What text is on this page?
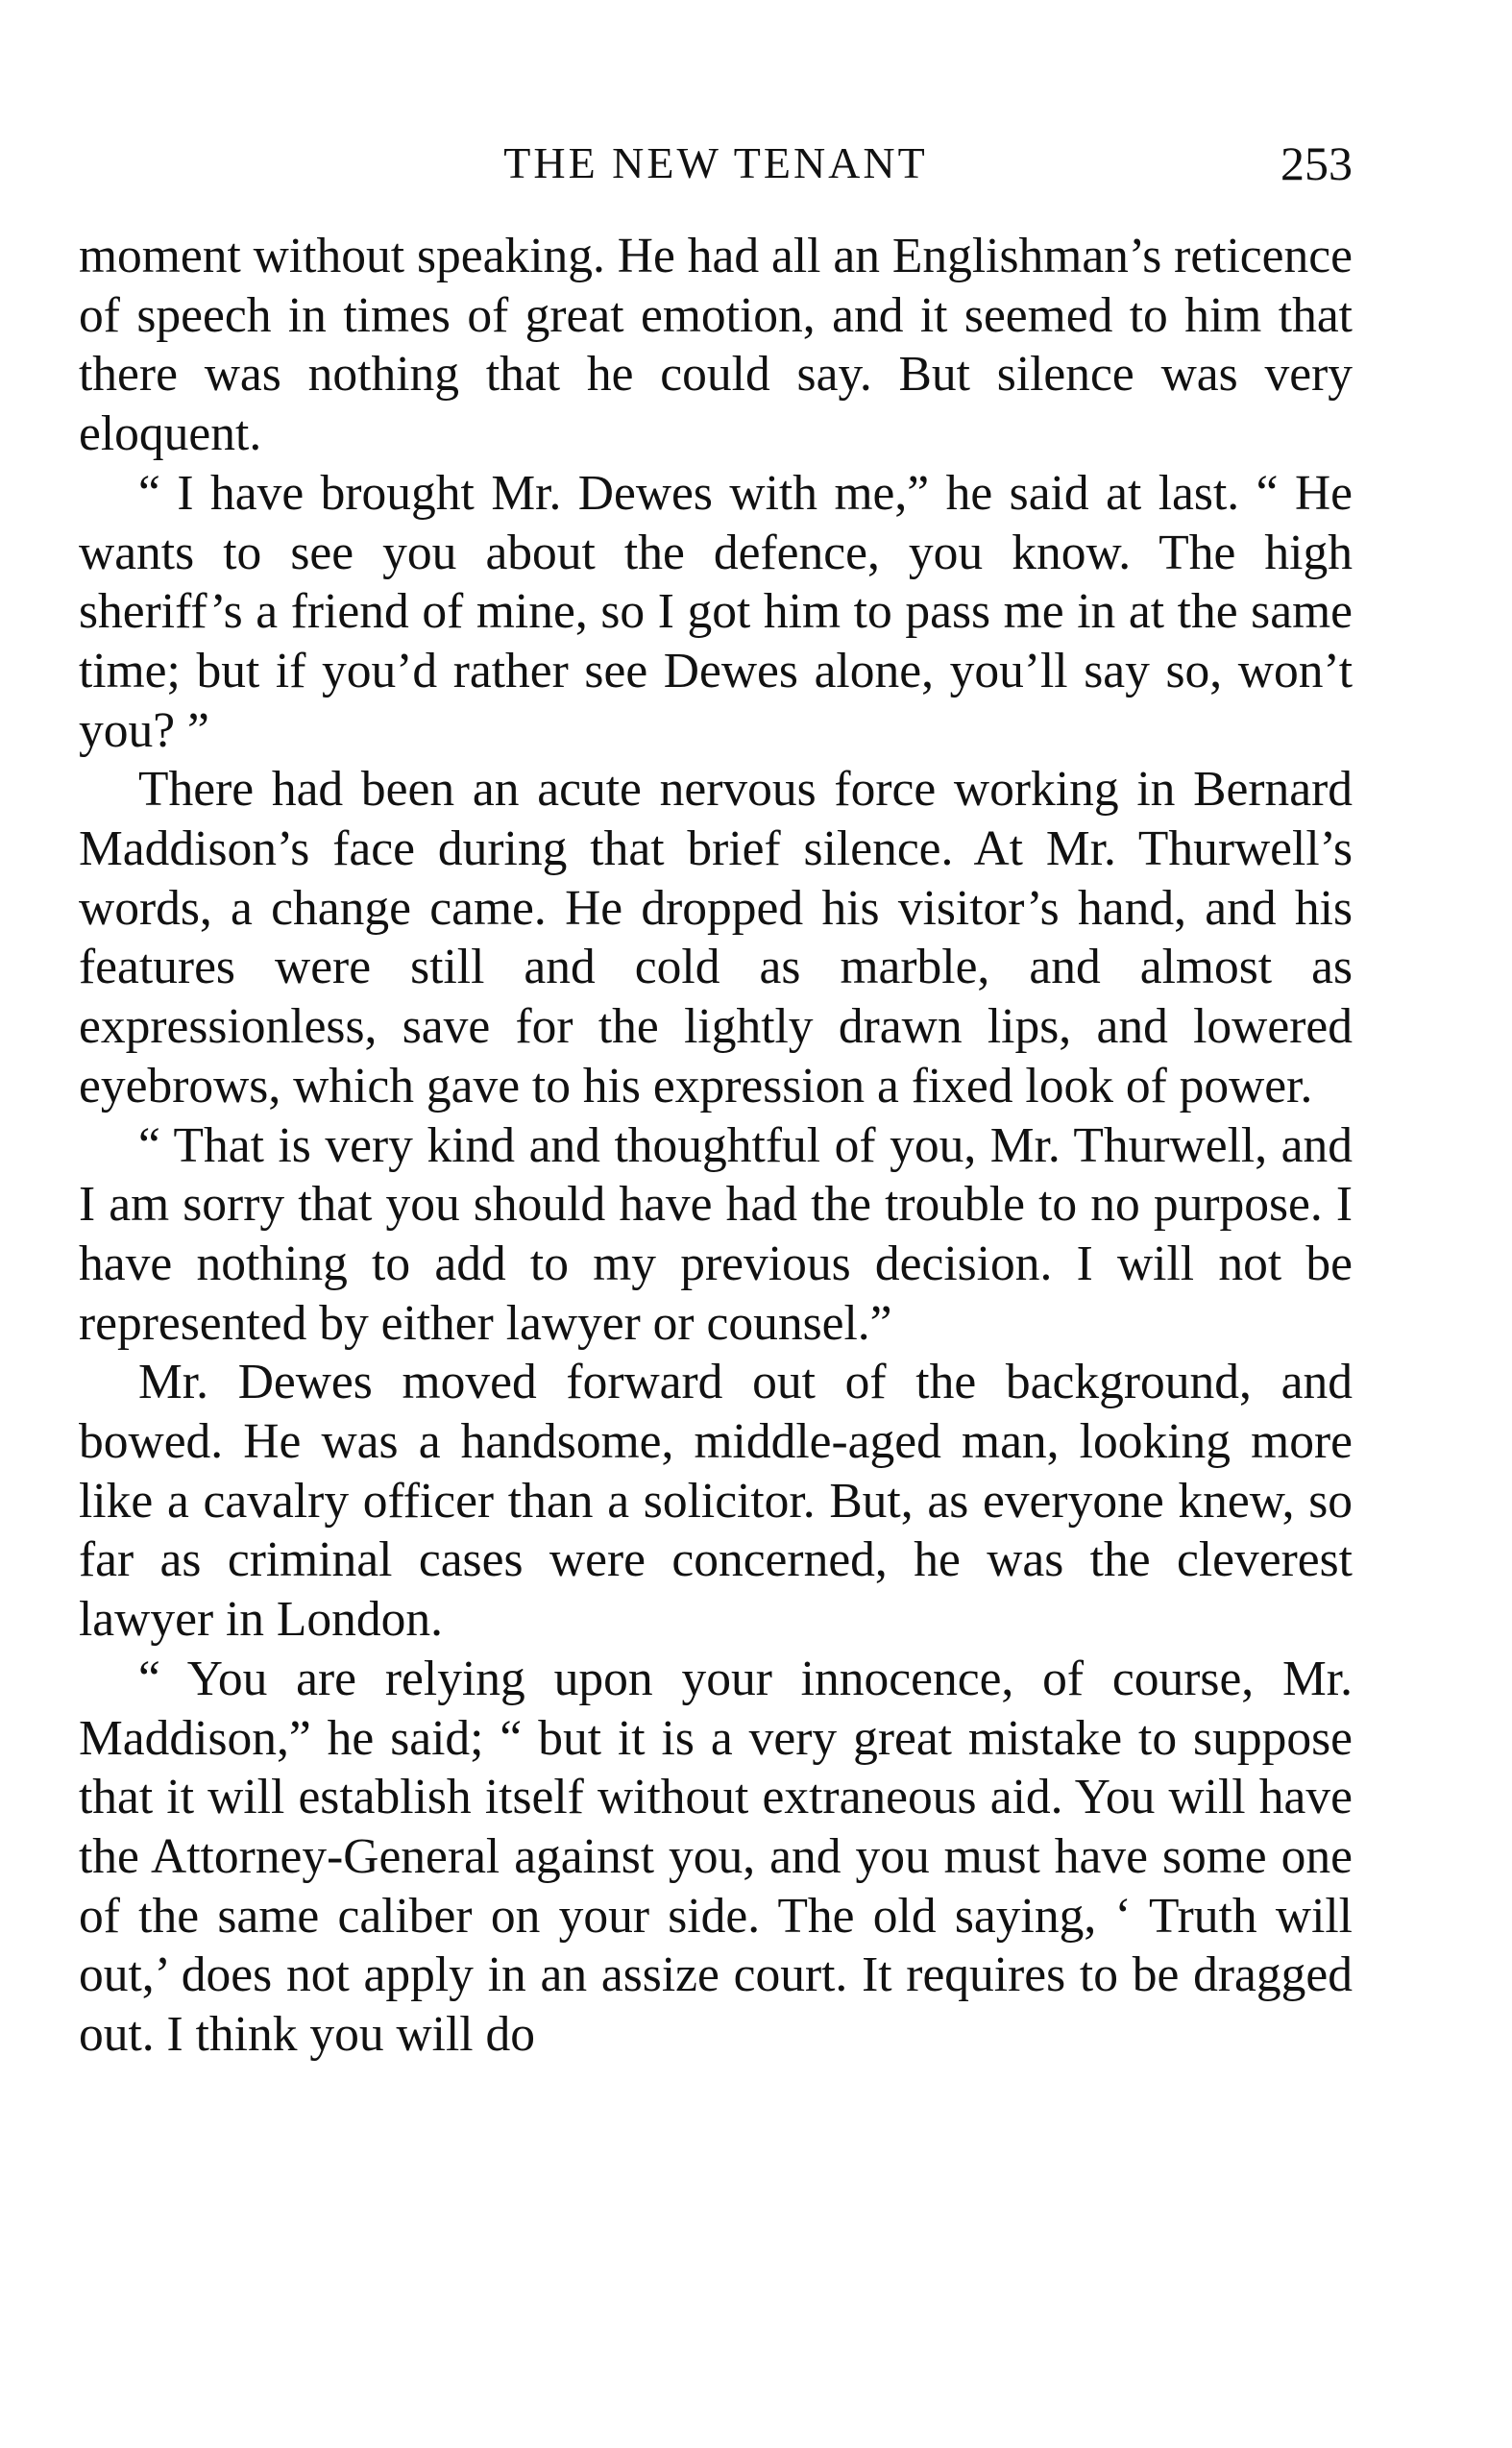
THE NEW TENANT	253

moment without speaking. He had all an Englishman’s reticence of speech in times of great emotion, and it seemed to him that there was nothing that he could say. But silence was very eloquent.

“ I have brought Mr. Dewes with me,” he said at last. “ He wants to see you about the defence, you know. The high sheriff’s a friend of mine, so I got him to pass me in at the same time; but if you’d rather see Dewes alone, you’ll say so, won’t you? ”

There had been an acute nervous force working in Bernard Maddison’s face during that brief silence. At Mr. Thurwell’s words, a change came. He dropped his visitor’s hand, and his features were still and cold as marble, and almost as expressionless, save for the lightly drawn lips, and lowered eyebrows, which gave to his expression a fixed look of power.

“ That is very kind and thoughtful of you, Mr. Thurwell, and I am sorry that you should have had the trouble to no purpose. I have nothing to add to my previous decision. I will not be represented by either lawyer or counsel.”

Mr. Dewes moved forward out of the background, and bowed. He was a handsome, middle-aged man, looking more like a cavalry officer than a solicitor. But, as everyone knew, so far as criminal cases were concerned, he was the cleverest lawyer in London.

“ You are relying upon your innocence, of course, Mr. Maddison,” he said; “ but it is a very great mistake to suppose that it will establish itself without extraneous aid. You will have the Attorney-General against you, and you must have some one of the same caliber on your side. The old saying, ‘ Truth will out,’ does not apply in an assize court. It requires to be dragged out. I think you will do
